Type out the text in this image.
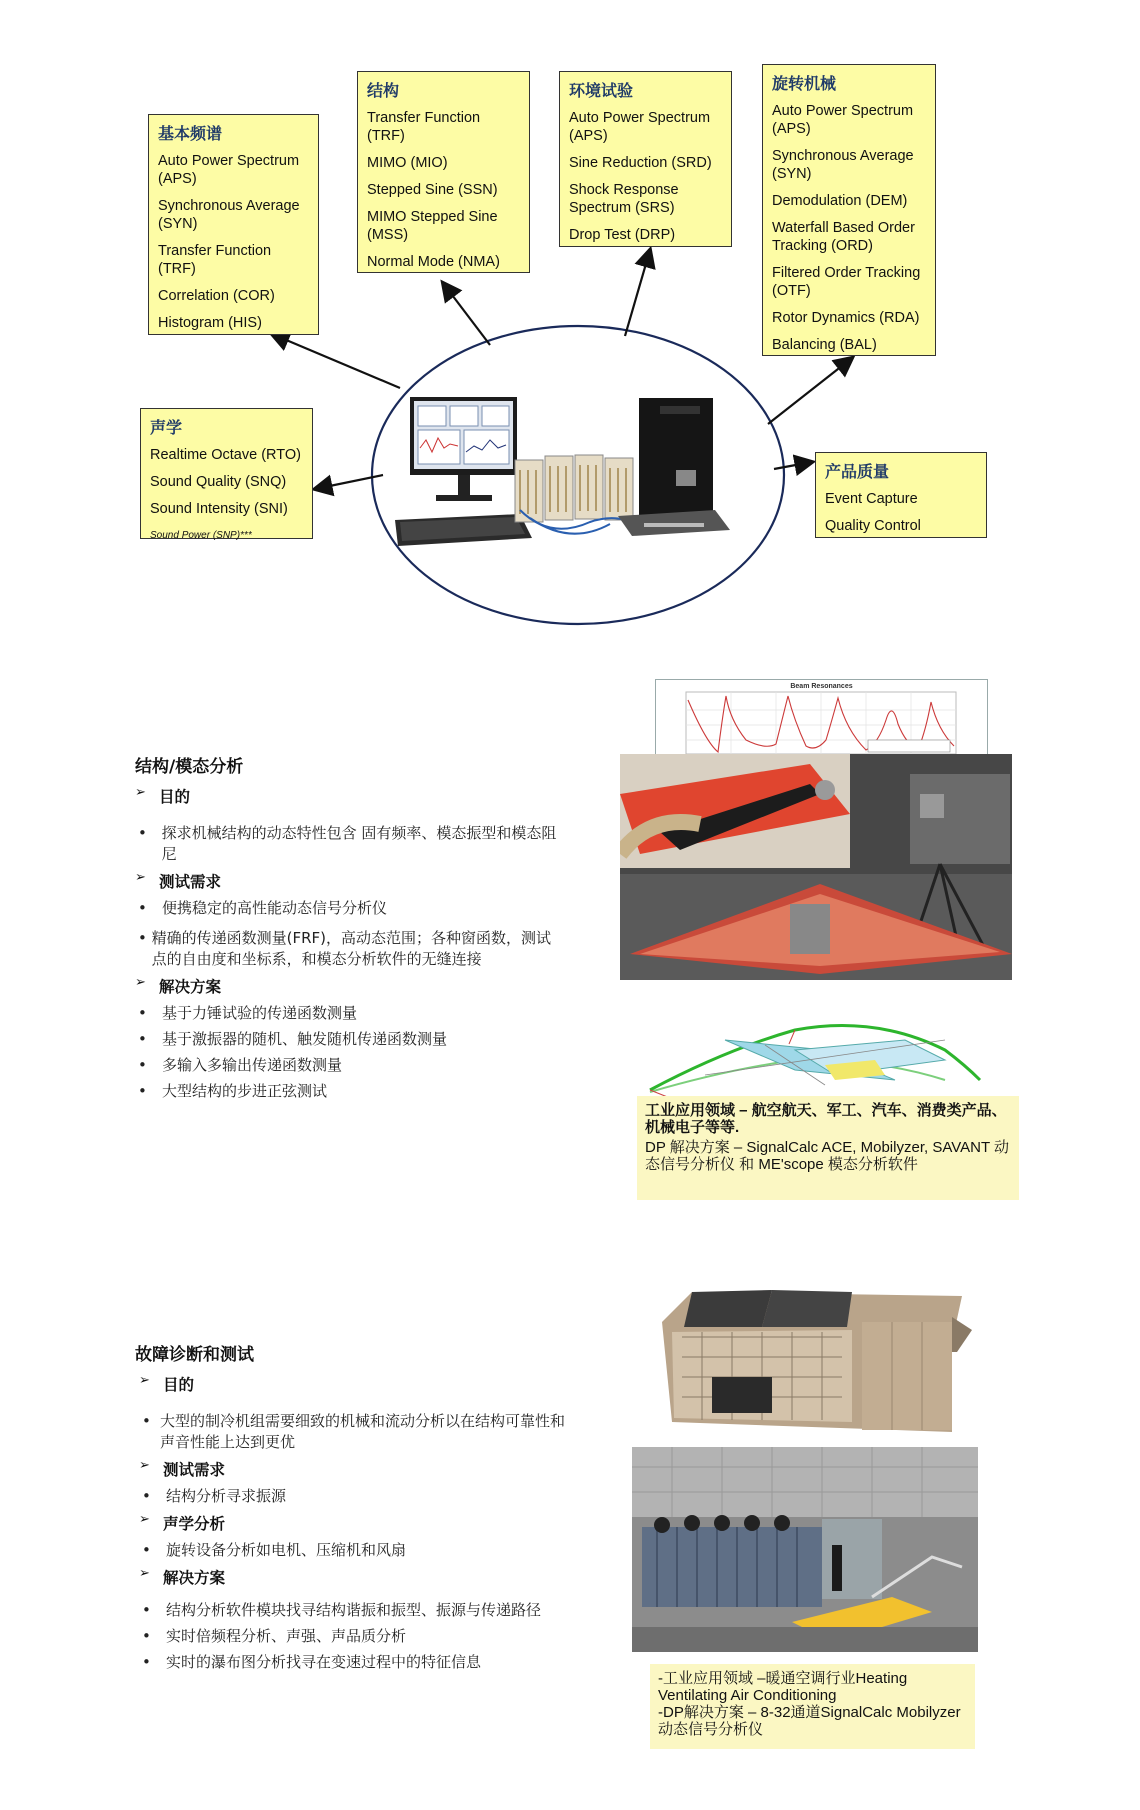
基本频谱
Auto Power Spectrum (APS)
Synchronous Average (SYN)
Transfer Function (TRF)
Correlation (COR)
Histogram (HIS)
结构
Transfer Function (TRF)
MIMO (MIO)
Stepped Sine (SSN)
MIMO Stepped Sine (MSS)
Normal Mode (NMA)
环境试验
Auto Power Spectrum (APS)
Sine Reduction (SRD)
Shock Response Spectrum (SRS)
Drop Test (DRP)
旋转机械
Auto Power Spectrum (APS)
Synchronous Average (SYN)
Demodulation (DEM)
Waterfall Based Order Tracking (ORD)
Filtered Order Tracking (OTF)
Rotor Dynamics (RDA)
Balancing (BAL)
声学
Realtime Octave (RTO)
Sound Quality (SNQ)
Sound Intensity (SNI)
Sound Power (SNP)***
产品质量
Event Capture
Quality Control
结构/模态分析
➢ 目的
• 探求机械结构的动态特性包含 固有频率、模态振型和模态阻尼
➢ 测试需求
•	便携稳定的高性能动态信号分析仪
• 精确的传递函数测量(FRF)，高动态范围；各种窗函数，测试点的自由度和坐标系，和模态分析软件的无缝连接
➢ 解决方案
•	基于力锤试验的传递函数测量
•	基于激振器的随机、触发随机传递函数测量
•	多输入多输出传递函数测量
•	大型结构的步进正弦测试
Beam Resonances
工业应用领域 – 航空航天、军工、汽车、消费类产品、机械电子等等.
DP 解决方案 – SignalCalc ACE, Mobilyzer, SAVANT 动态信号分析仪 和 ME'scope 模态分析软件
故障诊断和测试
➢ 目的
• 大型的制冷机组需要细致的机械和流动分析以在结构可靠性和声音性能上达到更优
➢ 测试需求
•	结构分析寻求振源
➢ 声学分析
•	旋转设备分析如电机、压缩机和风扇
➢ 解决方案
•	结构分析软件模块找寻结构谐振和振型、振源与传递路径
•	实时倍频程分析、声强、声品质分析
•	实时的瀑布图分析找寻在变速过程中的特征信息
-工业应用领域 –暖通空调行业Heating Ventilating Air Conditioning
-DP解决方案 – 8-32通道SignalCalc Mobilyzer 动态信号分析仪
